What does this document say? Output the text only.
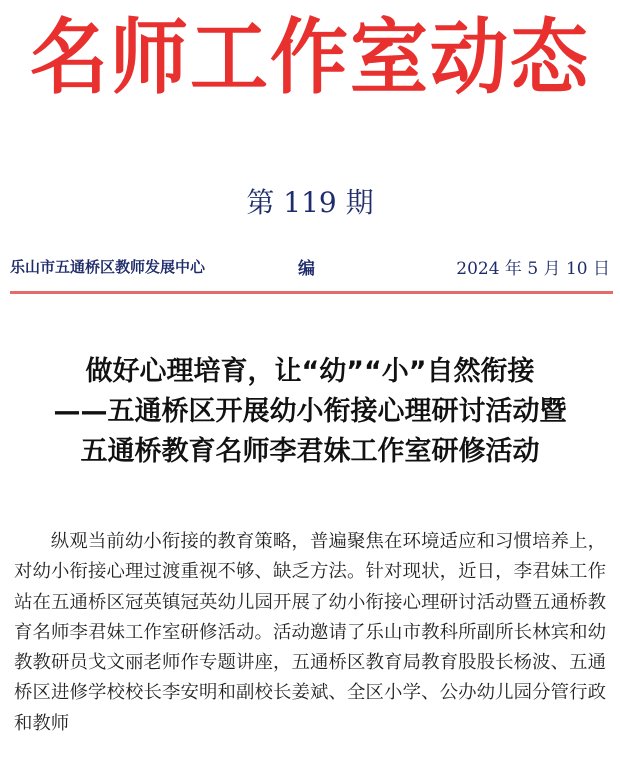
名师工作室动态
第 119 期
乐山市五通桥区教师发展中心	编	2024 年 5 月 10 日
做好心理培育，让“幼”“小”自然衔接
——五通桥区开展幼小衔接心理研讨活动暨
五通桥教育名师李君妹工作室研修活动

纵观当前幼小衔接的教育策略，普遍聚焦在环境适应和习惯培养上，对幼小衔接心理过渡重视不够、缺乏方法。针对现状，近日，李君妹工作站在五通桥区冠英镇冠英幼儿园开展了幼小衔接心理研讨活动暨五通桥教育名师李君妹工作室研修活动。活动邀请了乐山市教科所副所长林宾和幼教教研员戈文丽老师作专题讲座，五通桥区教育局教育股股长杨波、五通桥区进修学校校长李安明和副校长姜斌、全区小学、公办幼儿园分管行政和教师
